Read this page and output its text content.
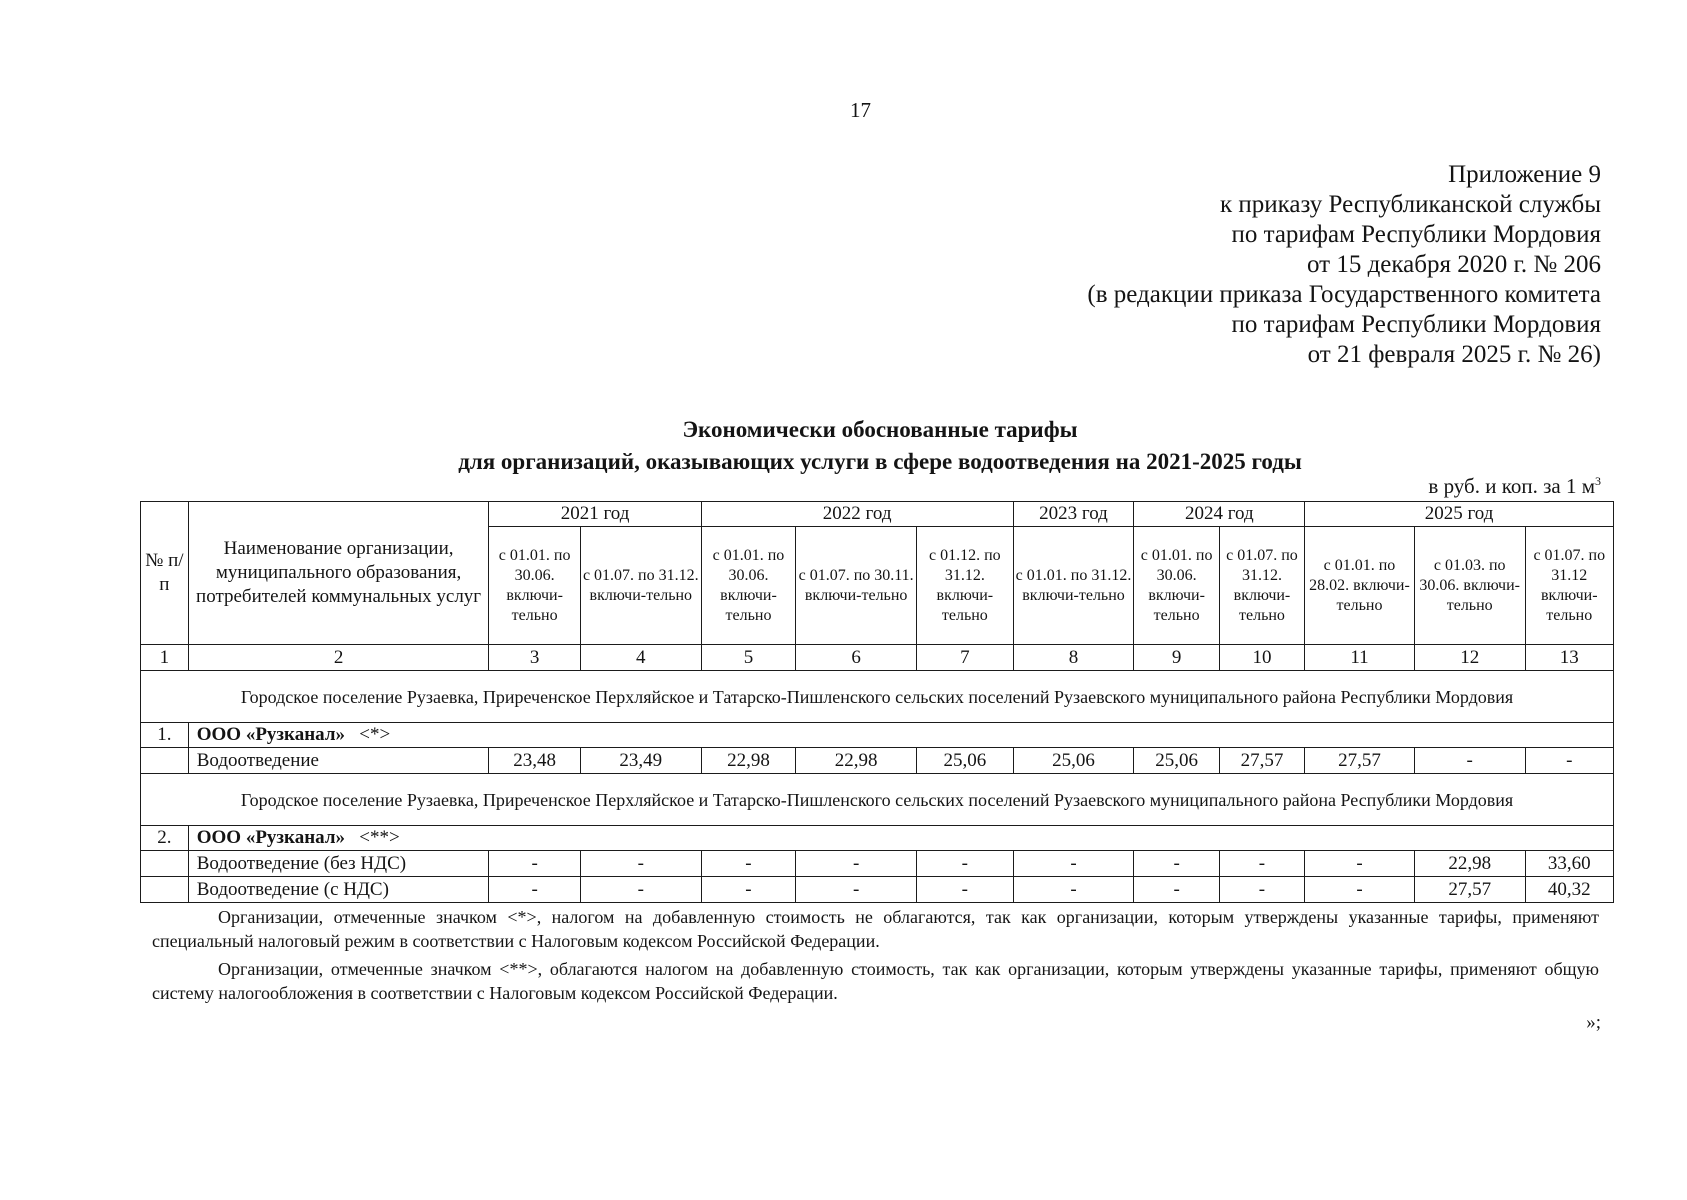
17
Приложение 9
к приказу Республиканской службы
по тарифам Республики Мордовия
от 15 декабря 2020 г. № 206
(в редакции приказа Государственного комитета
по тарифам Республики Мордовия
от 21 февраля 2025 г. № 26)
Экономически обоснованные тарифы
для организаций, оказывающих услуги в сфере водоотведения на 2021-2025 годы
в руб. и коп. за 1 $м^3$
№ п/п	Наименование организации, муниципального образования, потребителей коммунальных услуг	2021 год		2022 год			2023 год	2024 год		2025 год		
		с 01.01. по 30.06. включи-тельно	с 01.07. по 31.12. включи-тельно	с 01.01. по 30.06. включи-тельно	с 01.07. по 30.11. включи-тельно	с 01.12. по 31.12. включи-тельно	с 01.01. по 31.12. включи-тельно	с 01.01. по 30.06. включи-тельно	с 01.07. по 31.12. включи-тельно	с 01.01. по 28.02. включи-тельно	с 01.03. по 30.06. включи-тельно	с 01.07. по 31.12 включи-тельно
1	2	3	4	5	6	7	8	9	10	11	12	13
Городское поселение Рузаевка, Приреченское Перхляйское и Татарско-Пишленского сельских поселений Рузаевского муниципального района Республики Мордовия												
1.	ООО «Рузканал» <*>											
	Водоотведение	23,48	23,49	22,98	22,98	25,06	25,06	25,06	27,57	27,57	-	-
Городское поселение Рузаевка, Приреченское Перхляйское и Татарско-Пишленского сельских поселений Рузаевского муниципального района Республики Мордовия												
2.	ООО «Рузканал» <**>											
	Водоотведение (без НДС)	-	-	-	-	-	-	-	-	-	22,98	33,60
	Водоотведение (с НДС)	-	-	-	-	-	-	-	-	-	27,57	40,32

Организации, отмеченные значком <*>, налогом на добавленную стоимость не облагаются, так как организации, которым утверждены указанные тарифы, применяют специальный налоговый режим в соответствии с Налоговым кодексом Российской Федерации.

Организации, отмеченные значком <**>, облагаются налогом на добавленную стоимость, так как организации, которым утверждены указанные тарифы, применяют общую систему налогообложения в соответствии с Налоговым кодексом Российской Федерации.

»;
